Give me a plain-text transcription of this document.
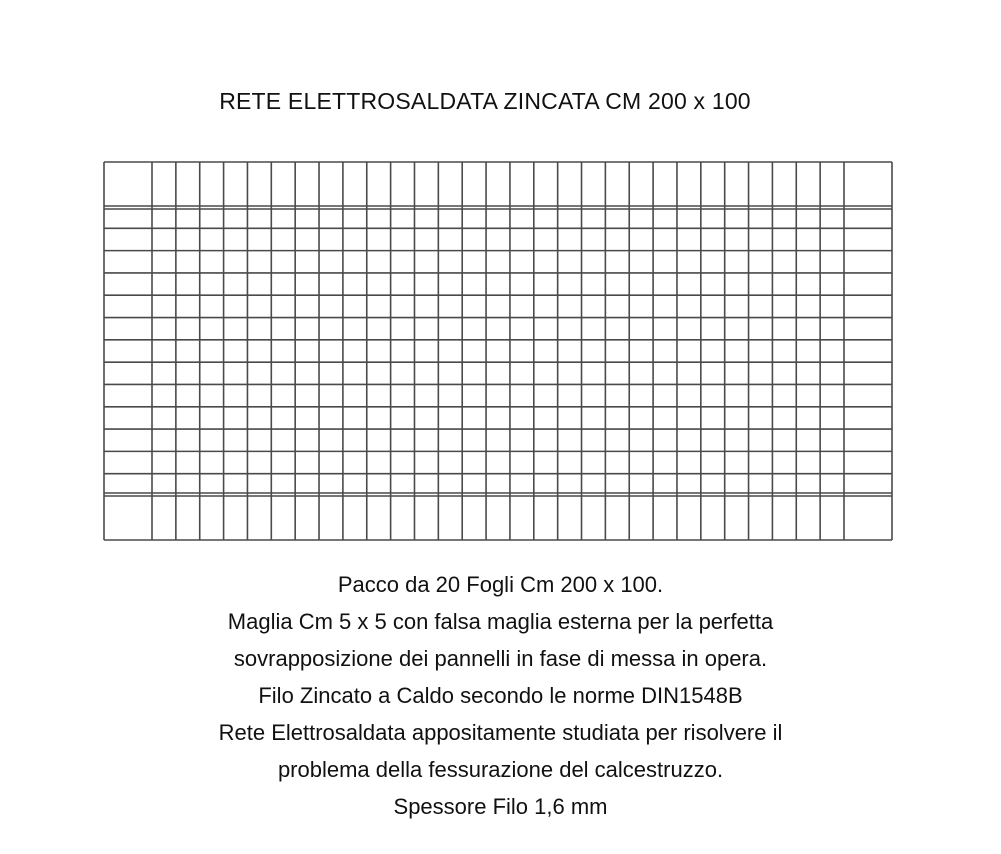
RETE ELETTROSALDATA ZINCATA CM 200 x 100
Pacco da 20 Fogli Cm 200 x 100.
Maglia Cm 5 x 5 con falsa maglia esterna per la perfetta
sovrapposizione dei pannelli in fase di messa in opera.
Filo Zincato a Caldo secondo le norme DIN1548B
Rete Elettrosaldata appositamente studiata per risolvere il
problema della fessurazione del calcestruzzo.
Spessore Filo 1,6 mm
